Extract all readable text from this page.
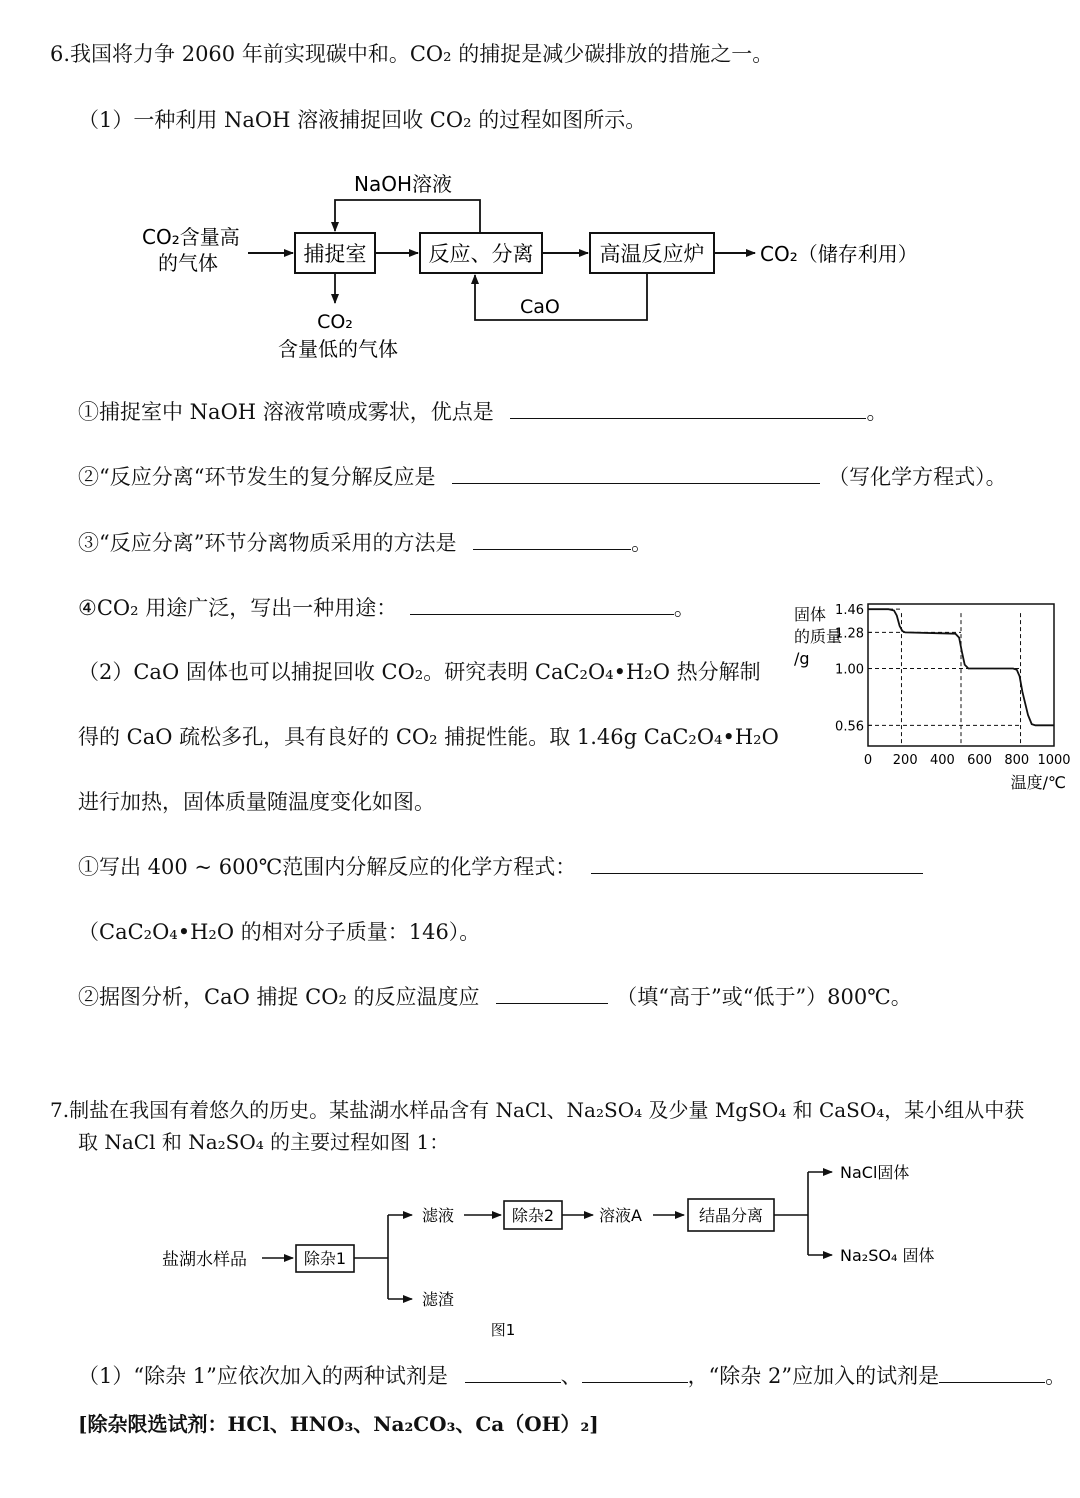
6.我国将力争 2060 年前实现碳中和。CO₂ 的捕捉是减少碳排放的措施之一。
（1）一种利用 NaOH 溶液捕捉回收 CO₂ 的过程如图所示。
CO₂含量高
的气体	捕捉室	反应、分离	高温反应炉	CO₂（储存利用）
NaOH溶液
CaO
CO₂
含量低的气体
①捕捉室中 NaOH 溶液常喷成雾状，优点是	。
②“反应分离“环节发生的复分解反应是	（写化学方程式）。
③“反应分离”环节分离物质采用的方法是	。
④CO₂ 用途广泛，写出一种用途：	。
（2）CaO 固体也可以捕捉回收 CO₂。研究表明 CaC₂O₄•H₂O 热分解制
得的 CaO 疏松多孔，具有良好的 CO₂ 捕捉性能。取 1.46g CaC₂O₄•H₂O
进行加热，固体质量随温度变化如图。
1.46
1.28
1.00
0.56
0 200 400 600 800 1000
固体
的质量
/g
温度/℃
①写出 400 ~ 600℃范围内分解反应的化学方程式：
（CaC₂O₄•H₂O 的相对分子质量：146）。
②据图分析，CaO 捕捉 CO₂ 的反应温度应	（填“高于”或“低于”）800℃。
7.制盐在我国有着悠久的历史。某盐湖水样品含有 NaCl、Na₂SO₄ 及少量 MgSO₄ 和 CaSO₄，某小组从中获
取 NaCl 和 Na₂SO₄ 的主要过程如图 1：
盐湖水样品	除杂1
滤液
滤渣
除杂2	溶液A	结晶分离
NaCl固体
Na₂SO₄ 固体
图1
（1）“除杂 1”应依次加入的两种试剂是	、	，“除杂 2”应加入的试剂是	。
[除杂限选试剂：HCl、HNO₃、Na₂CO₃、Ca（OH）₂]
